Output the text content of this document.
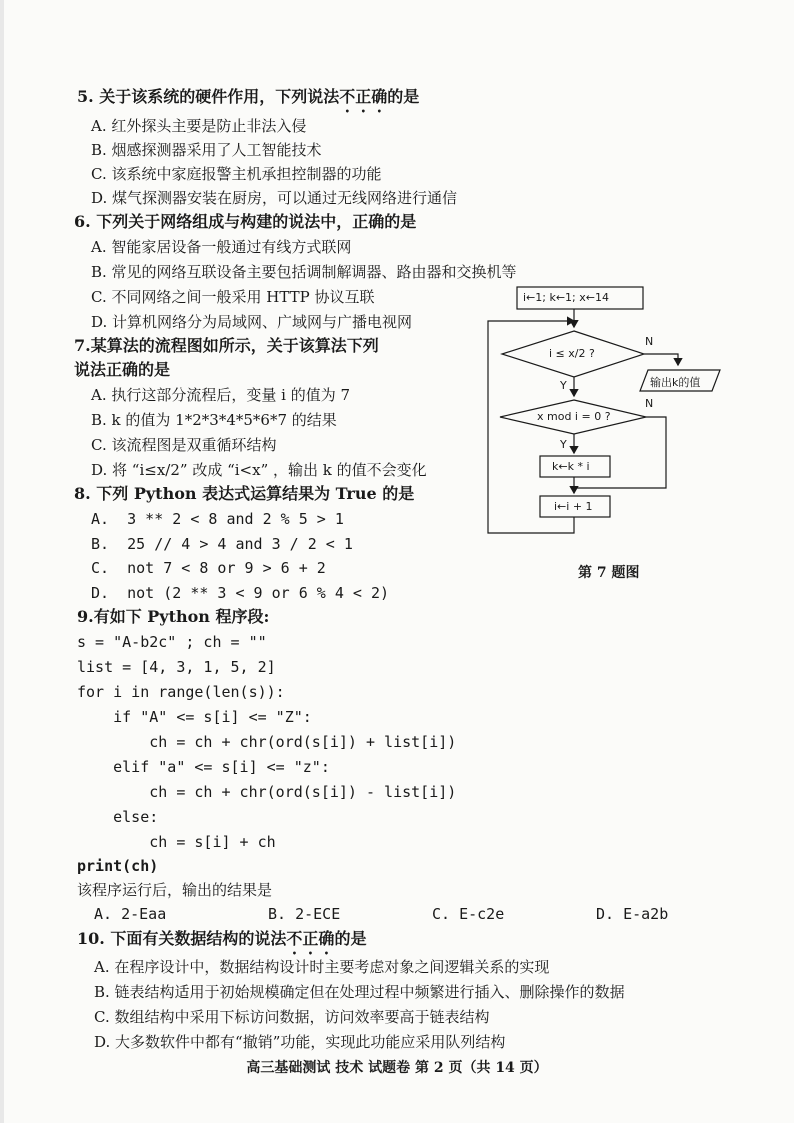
5. 关于该系统的硬件作用，下列说法不正确的是
A. 红外探头主要是防止非法入侵
B. 烟感探测器采用了人工智能技术
C. 该系统中家庭报警主机承担控制器的功能
D. 煤气探测器安装在厨房，可以通过无线网络进行通信
6. 下列关于网络组成与构建的说法中，正确的是
A. 智能家居设备一般通过有线方式联网
B. 常见的网络互联设备主要包括调制解调器、路由器和交换机等
C. 不同网络之间一般采用 HTTP 协议互联
D. 计算机网络分为局域网、广域网与广播电视网
7.某算法的流程图如所示，关于该算法下列
说法正确的是
A. 执行这部分流程后，变量 i 的值为 7
B. k 的值为 1*2*3*4*5*6*7 的结果
C. 该流程图是双重循环结构
D. 将 “i≤x/2” 改成 “i<x” ，输出 k 的值不会变化
i←1; k←1; x←14
i ≤ x/2 ?
N
输出k的值
Y
x mod i = 0 ?
N
Y
k←k * i
i←i + 1
第 7 题图
8. 下列 Python 表达式运算结果为 True 的是
A.  3 ** 2 < 8 and 2 % 5 > 1
B.  25 // 4 > 4 and 3 / 2 < 1
C.  not 7 < 8 or 9 > 6 + 2
D.  not (2 ** 3 < 9 or 6 % 4 < 2)
9.有如下 Python 程序段:
s = "A-b2c" ; ch = ""
list = [4, 3, 1, 5, 2]
for i in range(len(s)):
if "A" <= s[i] <= "Z":
ch = ch + chr(ord(s[i]) + list[i])
elif "a" <= s[i] <= "z":
ch = ch + chr(ord(s[i]) - list[i])
else:
ch = s[i] + ch
print(ch)
该程序运行后，输出的结果是
A. 2-Eaa	B. 2-ECE	C. E-c2e	D. E-a2b
10. 下面有关数据结构的说法不正确的是
A. 在程序设计中，数据结构设计时主要考虑对象之间逻辑关系的实现
B. 链表结构适用于初始规模确定但在处理过程中频繁进行插入、删除操作的数据
C. 数组结构中采用下标访问数据，访问效率要高于链表结构
D. 大多数软件中都有“撤销”功能，实现此功能应采用队列结构
高三基础测试 技术 试题卷 第 2 页（共 14 页）
